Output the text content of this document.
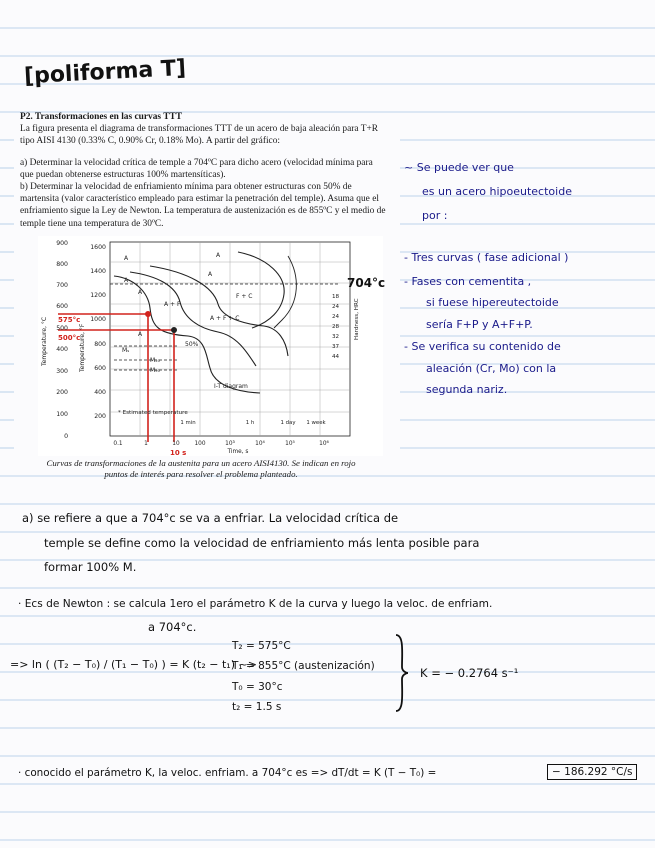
[poliforma T]

P2. Transformaciones en las curvas TTT

La figura presenta el diagrama de transformaciones TTT de un acero de baja aleación para T+R tipo AISI 4130 (0.33% C, 0.90% Cr, 0.18% Mo). A partir del gráfico:

a) Determinar la velocidad crítica de temple a 704ºC para dicho acero (velocidad mínima para que puedan obtenerse estructuras 100% martensíticas).

b) Determinar la velocidad de enfriamiento mínima para obtener estructuras con 50% de martensita (valor característico empleado para estimar la penetración del temple). Asuma que el enfriamiento sigue la Ley de Newton. La temperatura de austenización es de 855ºC y el medio de temple tiene una temperatura de 30ºC.

900
800
700
600
500
400
300
200
100
0
1600
1400
1200
1000
800
600
400
200
Temperature, °C	Temperature, °F
18
24
24
28
32
37
44
Hardness, HRC
0.1	1	100	10³	10⁴	10⁵	10⁶
Time, s
10
A	A
A
A + F
F + C
A + F + C
50%
Mₛ
M₅₀
M₉₀
I-T diagram
A
A
A
1 min	1 h	1 day 1 week
* Estimated temperature
575°c
500°c
10 s
704°c
Curvas de transformaciones de la austenita para un acero AISI4130. Se indican en rojo puntos de interés para resolver el problema planteado.
~ Se puede ver que
es un acero hipoeutectoide
por :
- Tres curvas ( fase adicional )
- Fases con cementita ,
si fuese hipereutectoide
sería F+P y A+F+P.
- Se verifica su contenido de
aleación (Cr, Mo) con la
segunda nariz.
a) se refiere a que a 704°c se va a enfriar. La velocidad crítica de
temple se define como la velocidad de enfriamiento más lenta posible para
formar 100% M.
· Ecs de Newton : se calcula 1ero el parámetro K de la curva y luego la veloc. de enfriam.
a 704°c.
=> ln ( (T₂ − T₀) / (T₁ − T₀) ) = K (t₂ − t₁) ~>
T₂ = 575°C
T₁ = 855°C (austenización)
T₀ = 30°c
t₂ = 1.5 s
K = − 0.2764 s⁻¹
· conocido el parámetro K, la veloc. enfriam. a 704°c es => dT/dt = K (T − T₀) =	− 186.292 °C/s
